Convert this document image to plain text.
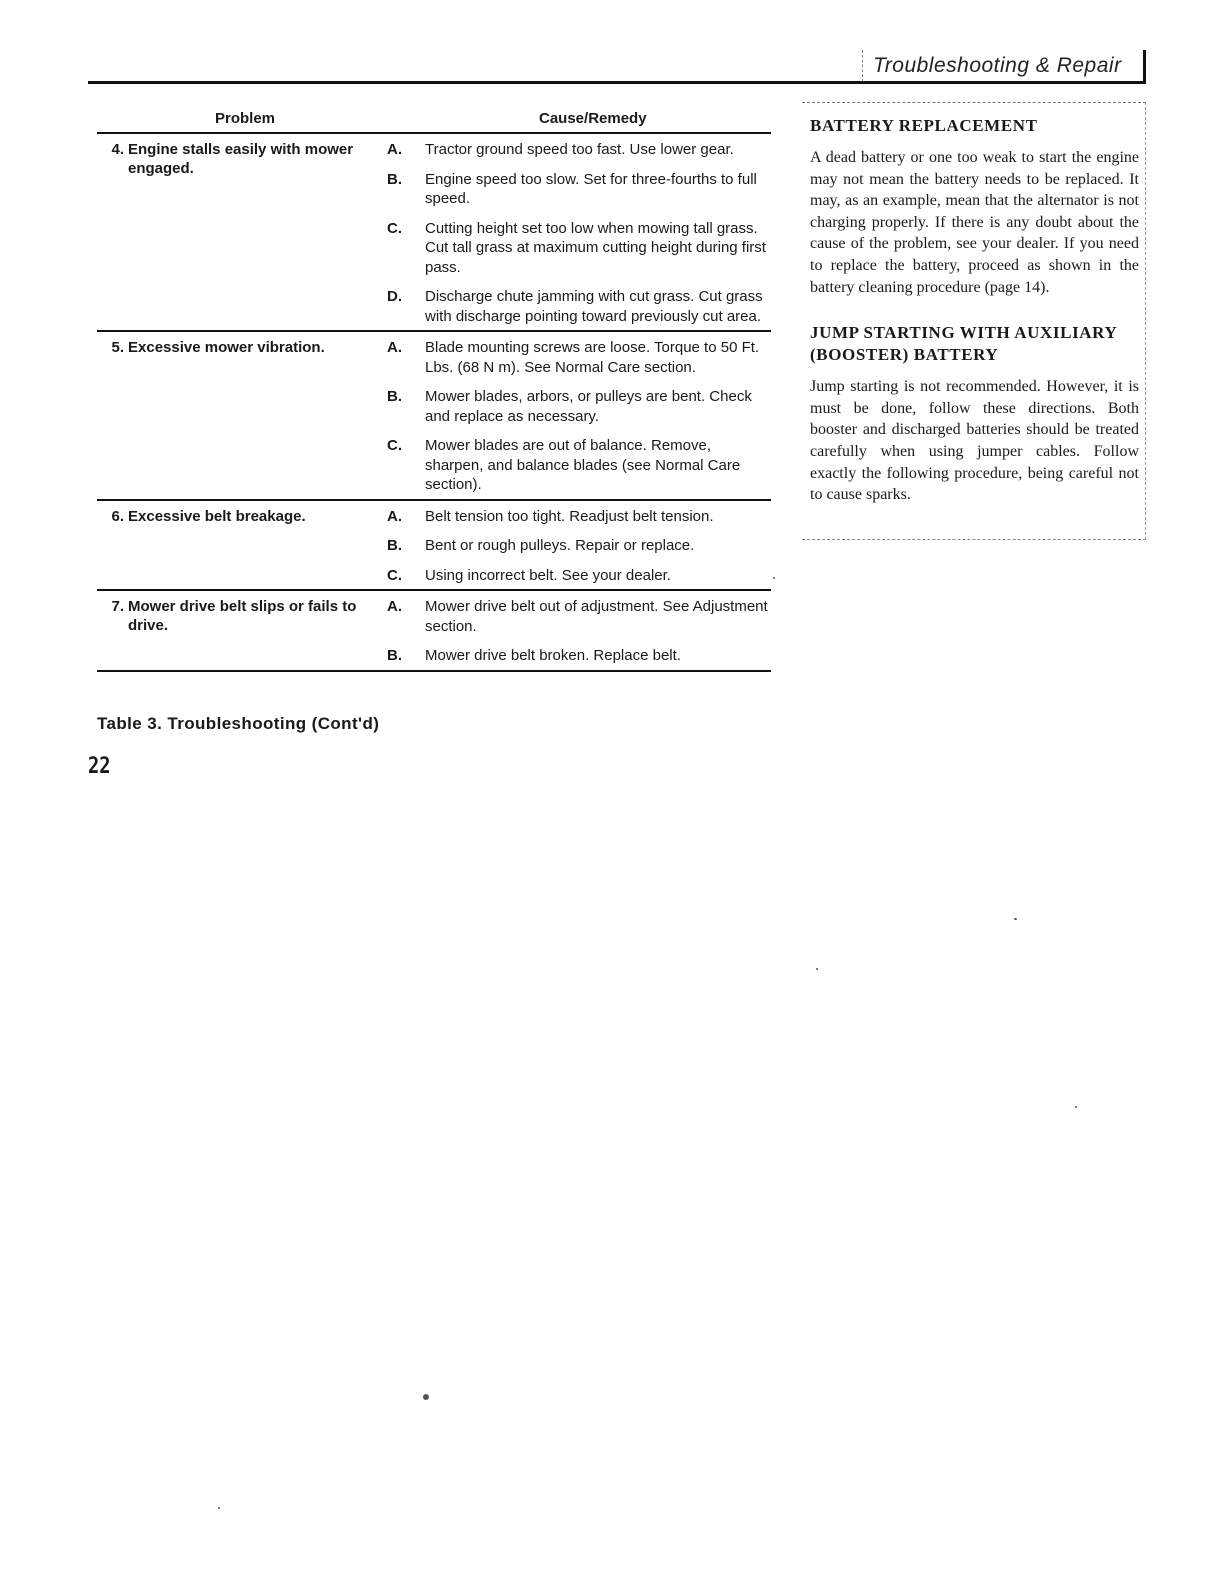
Troubleshooting & Repair
Problem	Cause/Remedy
4. Engine stalls easily with mower engaged.
A.	Tractor ground speed too fast. Use lower gear.
B.	Engine speed too slow. Set for three-fourths to full speed.
C.	Cutting height set too low when mowing tall grass. Cut tall grass at maximum cutting height during first pass.
D.	Discharge chute jamming with cut grass. Cut grass with discharge pointing toward previously cut area.
5. Excessive mower vibration.	A.	Blade mounting screws are loose. Torque to 50 Ft. Lbs. (68 N m). See Normal Care section.
B.	Mower blades, arbors, or pulleys are bent. Check and replace as necessary.
C.	Mower blades are out of balance. Remove, sharpen, and balance blades (see Normal Care section).
6. Excessive belt breakage.	A.	Belt tension too tight. Readjust belt tension.
B.	Bent or rough pulleys. Repair or replace.
C.	Using incorrect belt. See your dealer.
7. Mower drive belt slips or fails to drive.
A.	Mower drive belt out of adjustment. See Adjustment section.
B.	Mower drive belt broken. Replace belt.
Table 3. Troubleshooting (Cont'd)
22
BATTERY REPLACEMENT

A dead battery or one too weak to start the engine may not mean the battery needs to be replaced. It may, as an example, mean that the alternator is not charging properly. If there is any doubt about the cause of the problem, see your dealer. If you need to replace the battery, proceed as shown in the battery cleaning procedure (page 14).

JUMP STARTING WITH AUXILIARY (BOOSTER) BATTERY

Jump starting is not recommended. However, it is must be done, follow these directions. Both booster and discharged batteries should be treated carefully when using jumper cables. Follow exactly the following procedure, being careful not to cause sparks.
